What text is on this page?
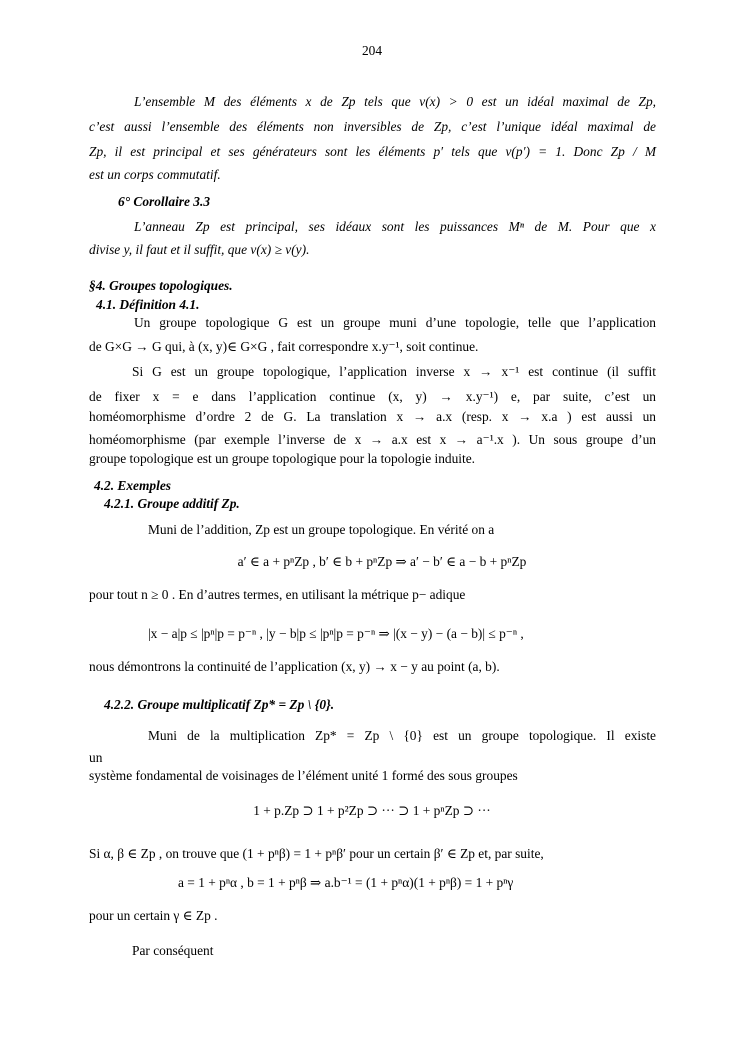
204
L’ensemble M des éléments x de Zp tels que v(x) > 0 est un idéal maximal de Zp,
c’est aussi l’ensemble des éléments non inversibles de Zp, c’est l’unique idéal maximal de
Zp, il est principal et ses générateurs sont les éléments p′ tels que v(p′) = 1. Donc Zp / M
est un corps commutatif.
6° Corollaire 3.3
L’anneau Zp est principal, ses idéaux sont les puissances Mⁿ de M. Pour que x
divise y, il faut et il suffit, que v(x) ≥ v(y).
§4. Groupes topologiques.
4.1. Définition 4.1.
Un groupe topologique G est un groupe muni d’une topologie, telle que l’application
de G×G → G qui, à (x, y)∈ G×G , fait correspondre x.y⁻¹, soit continue.
Si G est un groupe topologique, l’application inverse x → x⁻¹ est continue (il suffit
de fixer x = e dans l’application continue (x, y) → x.y⁻¹) e, par suite, c’est un
homéomorphisme d’ordre 2 de G. La translation x → a.x (resp. x → x.a ) est aussi un
homéomorphisme (par exemple l’inverse de x → a.x est x → a⁻¹.x ). Un sous groupe d’un
groupe topologique est un groupe topologique pour la topologie induite.
4.2. Exemples
4.2.1. Groupe additif Zp.
Muni de l’addition, Zp est un groupe topologique. En vérité on a
a′ ∈ a + pⁿZp , b′ ∈ b + pⁿZp ⇒ a′ − b′ ∈ a − b + pⁿZp
pour tout n ≥ 0 . En d’autres termes, en utilisant la métrique p− adique
|x − a|p ≤ |pⁿ|p = p⁻ⁿ , |y − b|p ≤ |pⁿ|p = p⁻ⁿ ⇒ |(x − y) − (a − b)| ≤ p⁻ⁿ ,
nous démontrons la continuité de l’application (x, y) → x − y au point (a, b).
4.2.2. Groupe multiplicatif Zp* = Zp \ {0}.
Muni de la multiplication Zp* = Zp \ {0} est un groupe topologique. Il existe
un
système fondamental de voisinages de l’élément unité 1 formé des sous groupes
1 + p.Zp ⊃ 1 + p²Zp ⊃ ··· ⊃ 1 + pⁿZp ⊃ ···
Si α, β ∈ Zp , on trouve que (1 + pⁿβ) = 1 + pⁿβ′ pour un certain β′ ∈ Zp et, par suite,
a = 1 + pⁿα , b = 1 + pⁿβ ⇒ a.b⁻¹ = (1 + pⁿα)(1 + pⁿβ) = 1 + pⁿγ
pour un certain γ ∈ Zp .
Par conséquent
